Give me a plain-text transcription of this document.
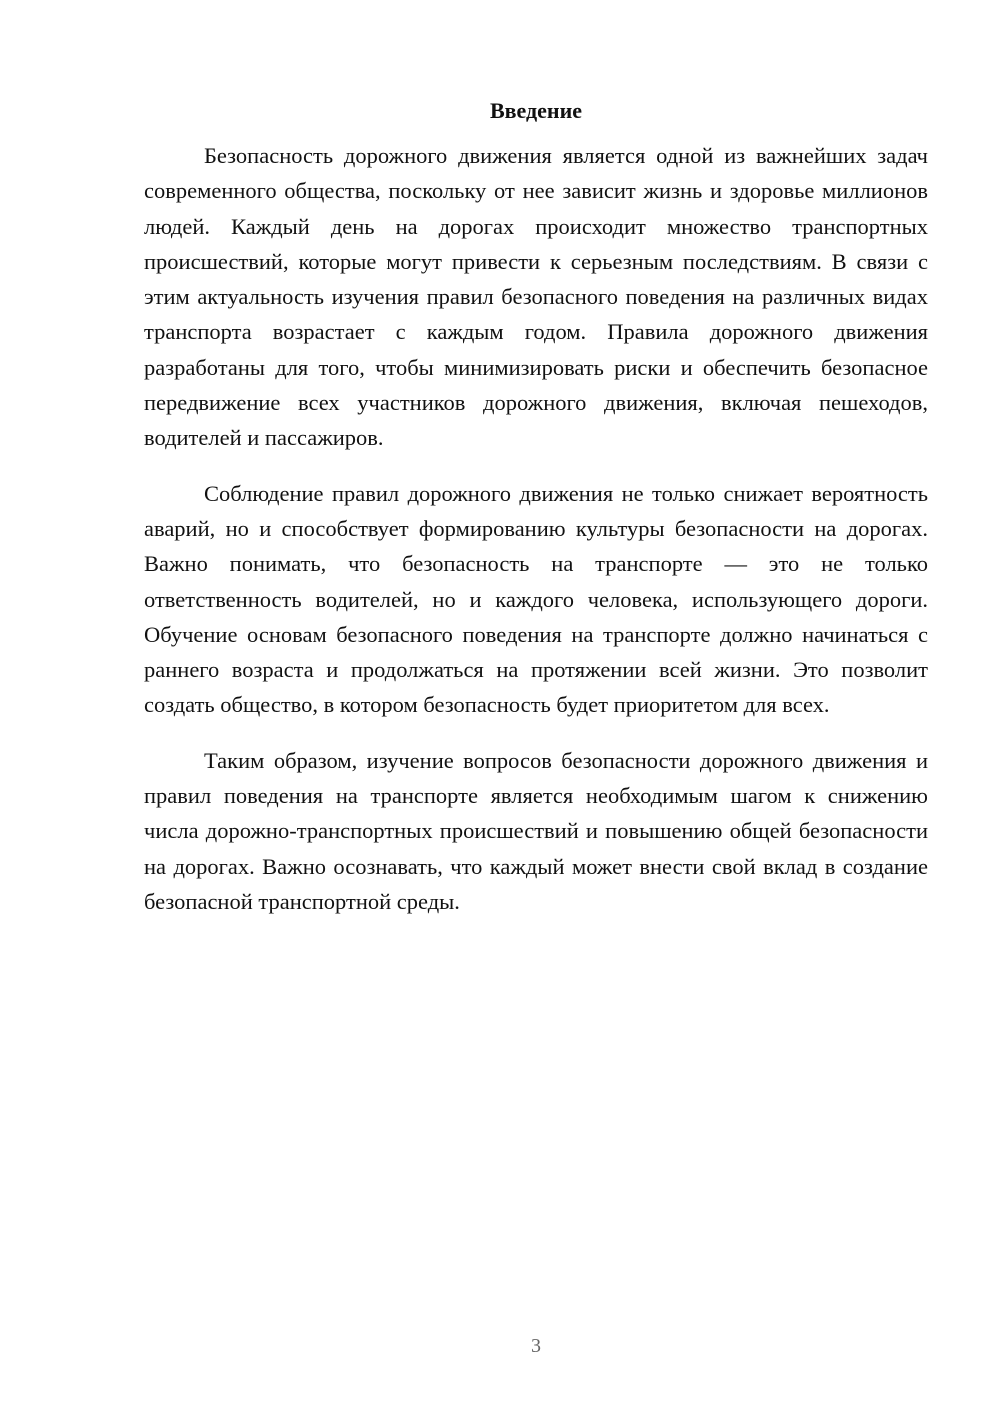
Введение

Безопасность дорожного движения является одной из важнейших задач современного общества, поскольку от нее зависит жизнь и здоровье миллионов людей. Каждый день на дорогах происходит множество транспортных происшествий, которые могут привести к серьезным последствиям. В связи с этим актуальность изучения правил безопасного поведения на различных видах транспорта возрастает с каждым годом. Правила дорожного движения разработаны для того, чтобы минимизировать риски и обеспечить безопасное передвижение всех участников дорожного движения, включая пешеходов, водителей и пассажиров.

Соблюдение правил дорожного движения не только снижает вероятность аварий, но и способствует формированию культуры безопасности на дорогах. Важно понимать, что безопасность на транспорте — это не только ответственность водителей, но и каждого человека, использующего дороги. Обучение основам безопасного поведения на транспорте должно начинаться с раннего возраста и продолжаться на протяжении всей жизни. Это позволит создать общество, в котором безопасность будет приоритетом для всех.

Таким образом, изучение вопросов безопасности дорожного движения и правил поведения на транспорте является необходимым шагом к снижению числа дорожно-транспортных происшествий и повышению общей безопасности на дорогах. Важно осознавать, что каждый может внести свой вклад в создание безопасной транспортной среды.

3
